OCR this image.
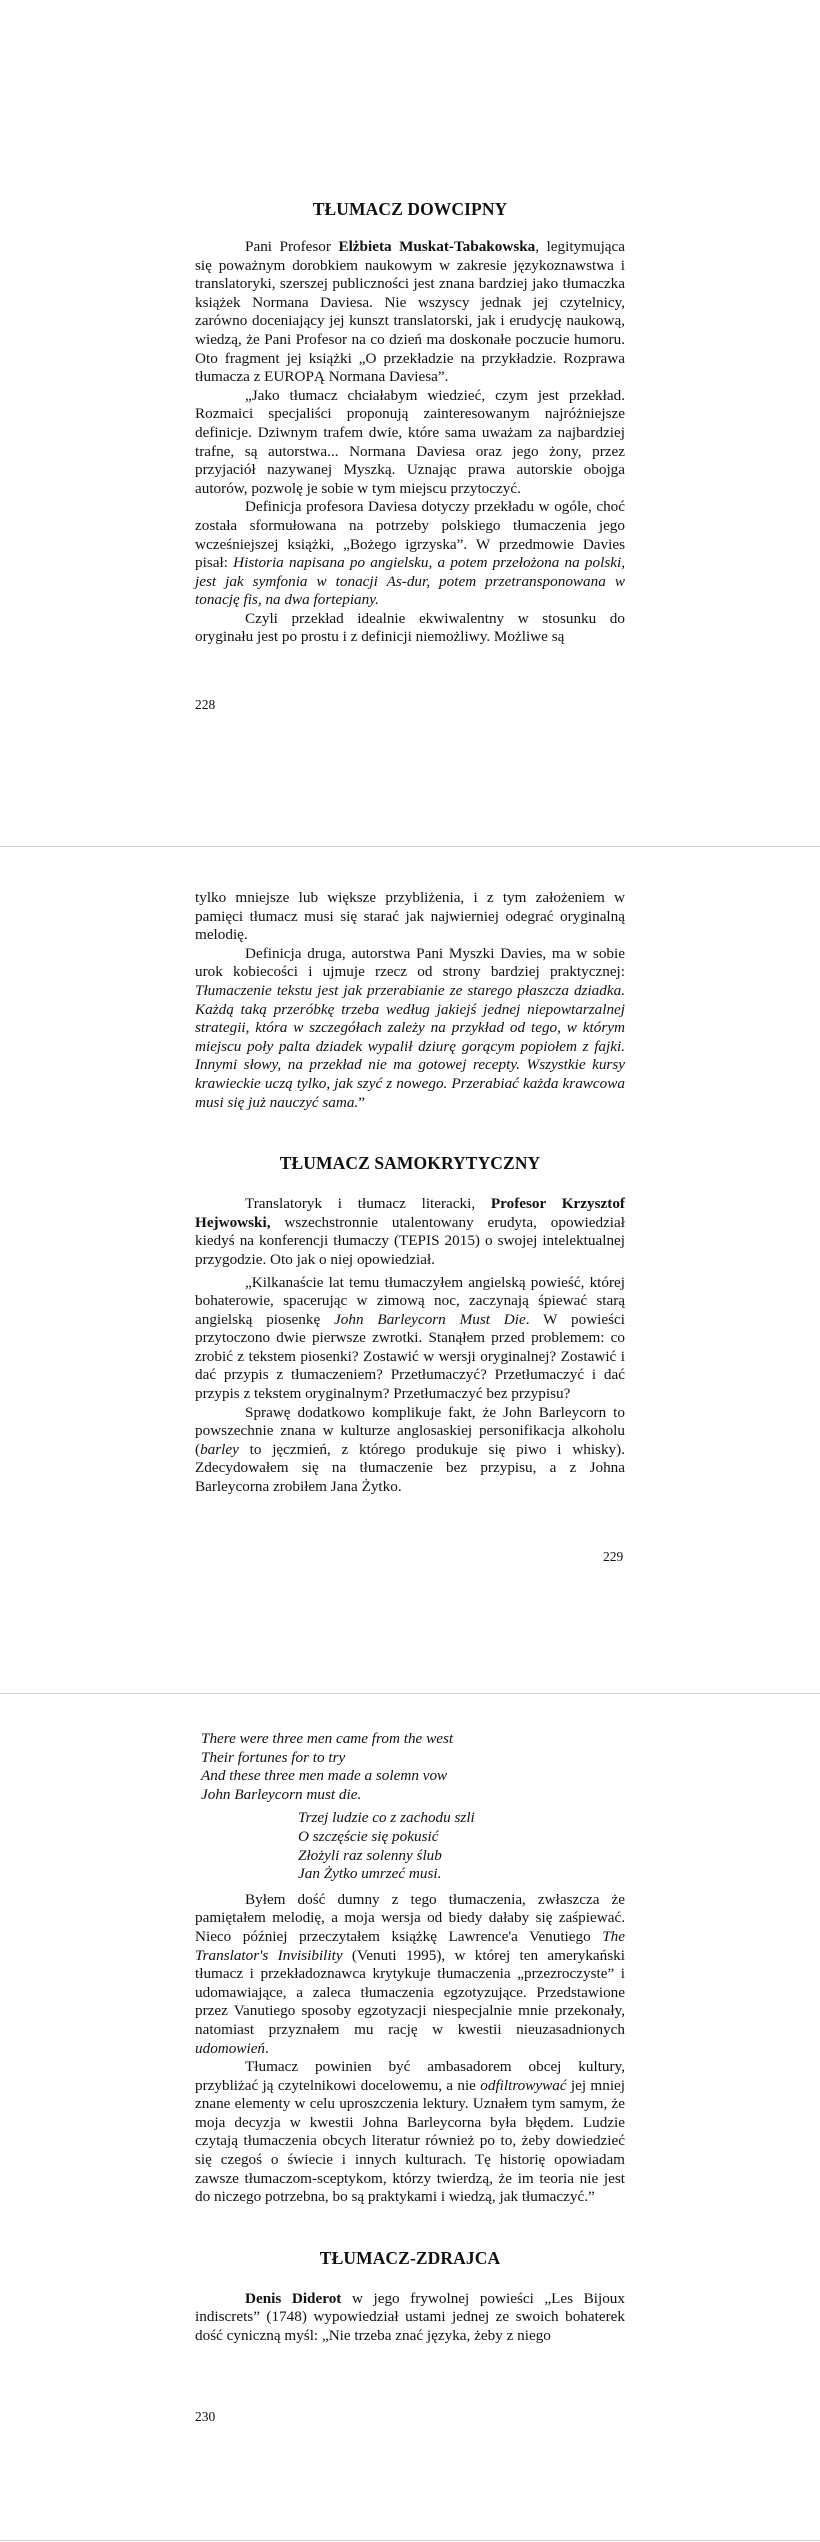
TŁUMACZ DOWCIPNY

Pani Profesor Elżbieta Muskat-Tabakowska, legitymująca się poważnym dorobkiem naukowym w zakresie językoznawstwa i translatoryki, szerszej publiczności jest znana bardziej jako tłumaczka książek Normana Daviesa. Nie wszyscy jednak jej czytelnicy, zarówno doceniający jej kunszt translatorski, jak i erudycję naukową, wiedzą, że Pani Profesor na co dzień ma doskonałe poczucie humoru. Oto fragment jej książki „O przekładzie na przykładzie. Rozprawa tłumacza z EUROPĄ Normana Daviesa”.

„Jako tłumacz chciałabym wiedzieć, czym jest przekład. Rozmaici specjaliści proponują zainteresowanym najróżniejsze definicje. Dziwnym trafem dwie, które sama uważam za najbardziej trafne, są autorstwa... Normana Daviesa oraz jego żony, przez przyjaciół nazywanej Myszką. Uznając prawa autorskie obojga autorów, pozwolę je sobie w tym miejscu przytoczyć.

Definicja profesora Daviesa dotyczy przekładu w ogóle, choć została sformułowana na potrzeby polskiego tłumaczenia jego wcześniejszej książki, „Bożego igrzyska”. W przedmowie Davies pisał: Historia napisana po angielsku, a potem przełożona na polski, jest jak symfonia w tonacji As-dur, potem przetransponowana w tonację fis, na dwa fortepiany.

Czyli przekład idealnie ekwiwalentny w stosunku do oryginału jest po prostu i z definicji niemożliwy. Możliwe są

228

tylko mniejsze lub większe przybliżenia, i z tym założeniem w pamięci tłumacz musi się starać jak najwierniej odegrać oryginalną melodię.

Definicja druga, autorstwa Pani Myszki Davies, ma w sobie urok kobiecości i ujmuje rzecz od strony bardziej praktycznej: Tłumaczenie tekstu jest jak przerabianie ze starego płaszcza dziadka. Każdą taką przeróbkę trzeba według jakiejś jednej niepowtarzalnej strategii, która w szczegółach zależy na przykład od tego, w którym miejscu poły palta dziadek wypalił dziurę gorącym popiołem z fajki. Innymi słowy, na przekład nie ma gotowej recepty. Wszystkie kursy krawieckie uczą tylko, jak szyć z nowego. Przerabiać każda krawcowa musi się już nauczyć sama.”

TŁUMACZ SAMOKRYTYCZNY

Translatoryk i tłumacz literacki, Profesor Krzysztof Hejwowski, wszechstronnie utalentowany erudyta, opowiedział kiedyś na konferencji tłumaczy (TEPIS 2015) o swojej intelektualnej przygodzie. Oto jak o niej opowiedział.

„Kilkanaście lat temu tłumaczyłem angielską powieść, której bohaterowie, spacerując w zimową noc, zaczynają śpiewać starą angielską piosenkę John Barleycorn Must Die. W powieści przytoczono dwie pierwsze zwrotki. Stanąłem przed problemem: co zrobić z tekstem piosenki? Zostawić w wersji oryginalnej? Zostawić i dać przypis z tłumaczeniem? Przetłumaczyć? Przetłumaczyć i dać przypis z tekstem oryginalnym? Przetłumaczyć bez przypisu?

Sprawę dodatkowo komplikuje fakt, że John Barleycorn to powszechnie znana w kulturze anglosaskiej personifikacja alkoholu (barley to jęczmień, z którego produkuje się piwo i whisky). Zdecydowałem się na tłumaczenie bez przypisu, a z Johna Barleycorna zrobiłem Jana Żytko.

229
There were three men came from the west
Their fortunes for to try
And these three men made a solemn vow
John Barleycorn must die.
Trzej ludzie co z zachodu szli
O szczęście się pokusić
Złożyli raz solenny ślub
Jan Żytko umrzeć musi.

Byłem dość dumny z tego tłumaczenia, zwłaszcza że pamiętałem melodię, a moja wersja od biedy dałaby się zaśpiewać. Nieco później przeczytałem książkę Lawrence'a Venutiego The Translator's Invisibility (Venuti 1995), w której ten amerykański tłumacz i przekładoznawca krytykuje tłumaczenia „przezroczyste” i udomawiające, a zaleca tłumaczenia egzotyzujące. Przedstawione przez Vanutiego sposoby egzotyzacji niespecjalnie mnie przekonały, natomiast przyznałem mu rację w kwestii nieuzasadnionych udomowień.

Tłumacz powinien być ambasadorem obcej kultury, przybliżać ją czytelnikowi docelowemu, a nie odfiltrowywać jej mniej znane elementy w celu uproszczenia lektury. Uznałem tym samym, że moja decyzja w kwestii Johna Barleycorna była błędem. Ludzie czytają tłumaczenia obcych literatur również po to, żeby dowiedzieć się czegoś o świecie i innych kulturach. Tę historię opowiadam zawsze tłumaczom-sceptykom, którzy twierdzą, że im teoria nie jest do niczego potrzebna, bo są praktykami i wiedzą, jak tłumaczyć.”

TŁUMACZ-ZDRAJCA

Denis Diderot w jego frywolnej powieści „Les Bijoux indiscrets” (1748) wypowiedział ustami jednej ze swoich bohaterek dość cyniczną myśl: „Nie trzeba znać języka, żeby z niego

230
